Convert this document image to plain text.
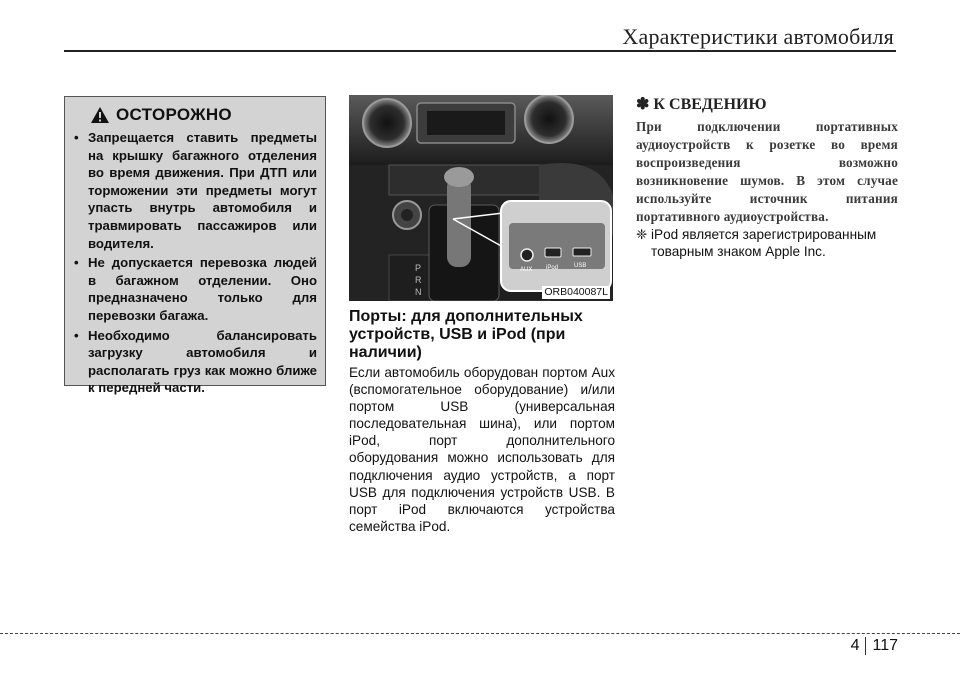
Характеристики автомобиля
ОСТОРОЖНО
• Запрещается ставить предметы на крышку багажного отделения во время движения. При ДТП или торможении эти предметы могут упасть внутрь автомобиля и травмировать пассажиров или водителя.
• Не допускается перевозка людей в багажном отделении. Оно предназначено только для перевозки багажа.
• Необходимо балансировать загрузку автомобиля и располагать груз как можно ближе к передней части.
P
R
N
AUX iPod	USB
ORB040087L
Порты: для дополнительных устройств, USB и iPod (при наличии)
Если автомобиль оборудован портом Aux (вспомогательное оборудование) и/или портом USB (универсальная последовательная шина), или портом iPod, порт дополнительного оборудования можно использовать для подключения аудио устройств, а порт USB для подключения устройств USB. В порт iPod включаются устройства семейства iPod.
✽ К СВЕДЕНИЮ
При подключении портативных аудиоустройств к розетке во время воспроизведения возможно возникновение шумов. В этом случае используйте источник питания портативного аудиоустройства.
❈ iPod является зарегистрированным товарным знаком Apple Inc.
4 117
